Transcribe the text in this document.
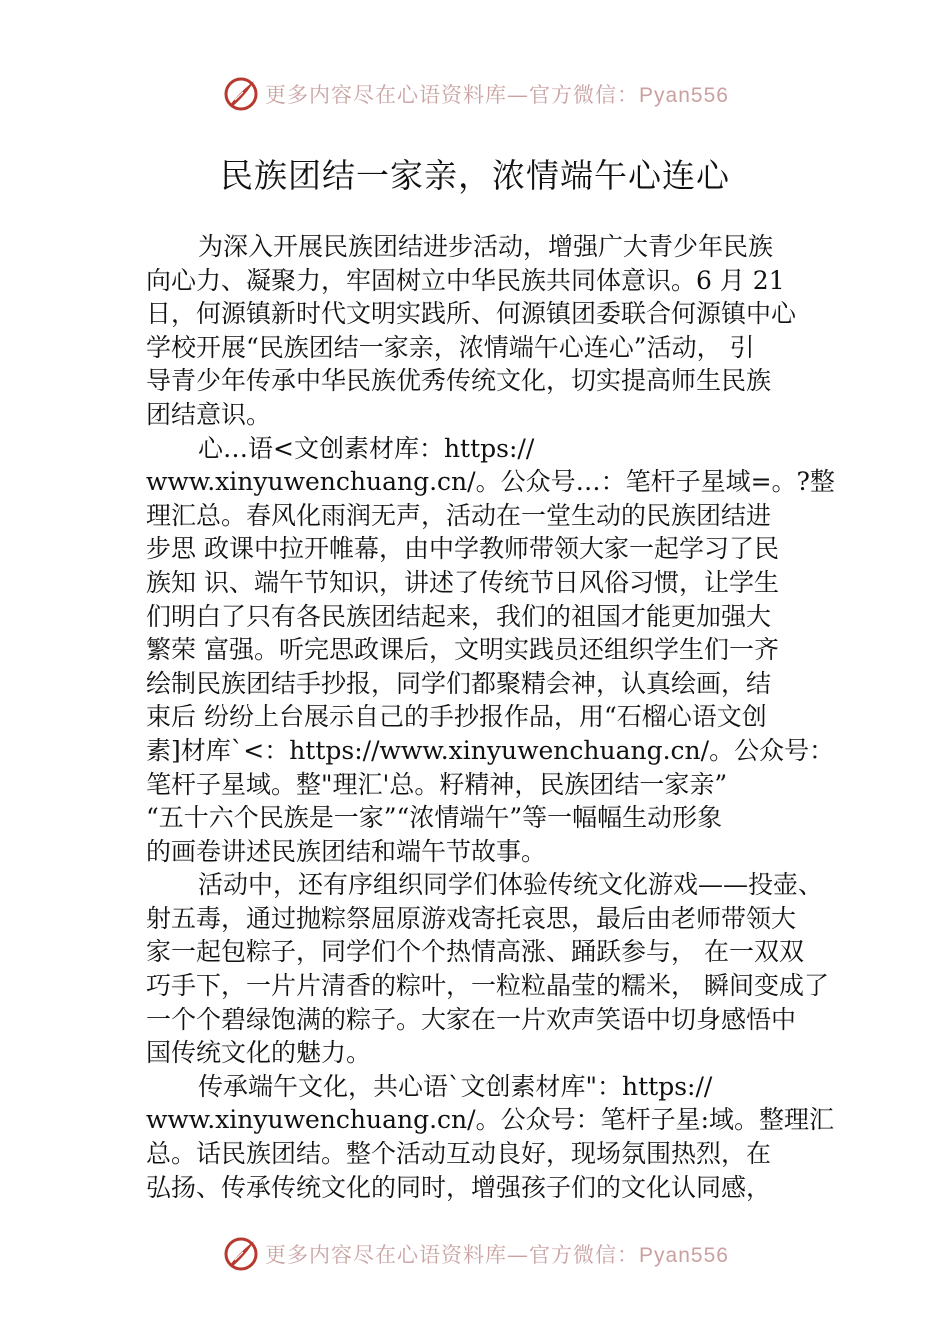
更多内容尽在心语资料库—官方微信：Pyan556
民族团结一家亲，浓情端午心连心
为深入开展民族团结进步活动，增强广大青少年民族
向心力、凝聚力，牢固树立中华民族共同体意识。6 月 21
日，何源镇新时代文明实践所、何源镇团委联合何源镇中心
学校开展“民族团结一家亲，浓情端午心连心”活动， 引
导青少年传承中华民族优秀传统文化，切实提高师生民族
团结意识。
心…语<文创素材库：https://
www.xinyuwenchuang.cn/。公众号…：笔杆子星域=。?整
理汇总。春风化雨润无声，活动在一堂生动的民族团结进
步思 政课中拉开帷幕，由中学教师带领大家一起学习了民
族知 识、端午节知识，讲述了传统节日风俗习惯，让学生
们明白了只有各民族团结起来，我们的祖国才能更加强大
繁荣 富强。听完思政课后，文明实践员还组织学生们一齐
绘制民族团结手抄报，同学们都聚精会神，认真绘画，结
束后 纷纷上台展示自己的手抄报作品，用“石榴心语文创
素]材库`<：https://www.xinyuwenchuang.cn/。公众号：
笔杆子星域。整"理汇'总。籽精神，民族团结一家亲”
“五十六个民族是一家”“浓情端午”等一幅幅生动形象
的画卷讲述民族团结和端午节故事。
活动中，还有序组织同学们体验传统文化游戏——投壶、
射五毒，通过抛粽祭屈原游戏寄托哀思，最后由老师带领大
家一起包粽子，同学们个个热情高涨、踊跃参与， 在一双双
巧手下，一片片清香的粽叶，一粒粒晶莹的糯米， 瞬间变成了
一个个碧绿饱满的粽子。大家在一片欢声笑语中切身感悟中
国传统文化的魅力。
传承端午文化，共心语`文创素材库"：https://
www.xinyuwenchuang.cn/。公众号：笔杆子星:域。整理汇
总。话民族团结。整个活动互动良好，现场氛围热烈，在
弘扬、传承传统文化的同时，增强孩子们的文化认同感，
更多内容尽在心语资料库—官方微信：Pyan556
